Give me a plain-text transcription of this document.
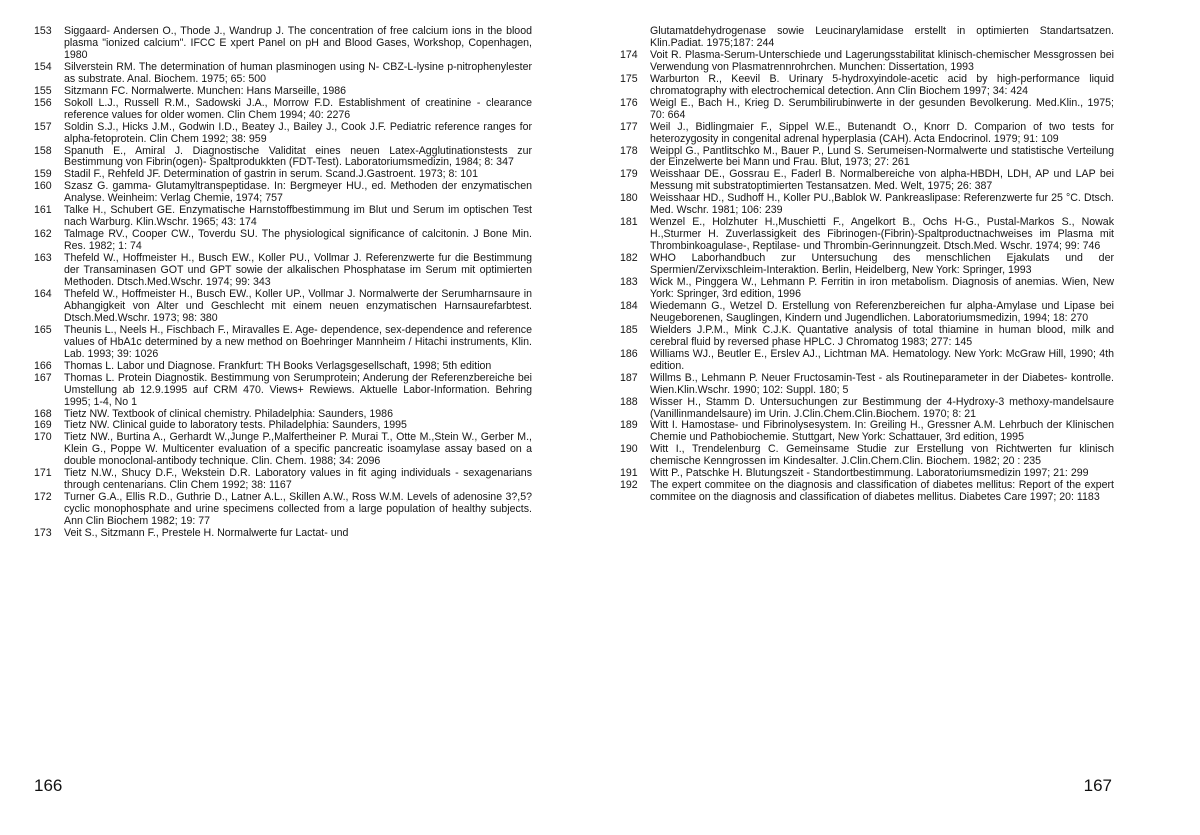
153	Siggaard- Andersen O., Thode J., Wandrup J. The concentration of free calcium ions in the blood plasma "ionized calcium". IFCC E xpert Panel on pH and Blood Gases, Workshop, Copenhagen, 1980
154	Silverstein RM. The determination of human plasminogen using N- CBZ-L-lysine p-nitrophenylester as substrate. Anal. Biochem. 1975; 65: 500
155	Sitzmann FC. Normalwerte. Munchen: Hans Marseille, 1986
156	Sokoll L.J., Russell R.M., Sadowski J.A., Morrow F.D. Establishment of creatinine - clearance reference values for older women. Clin Chem 1994; 40: 2276
157	Soldin S.J., Hicks J.M., Godwin I.D., Beatey J., Bailey J., Cook J.F. Pediatric reference ranges for alpha-fetoprotein. Clin Chem 1992; 38: 959
158	Spanuth E., Amiral J. Diagnostische Validitat eines neuen Latex-Agglutinationstests zur Bestimmung von Fibrin(ogen)- Spaltprodukkten (FDT-Test). Laboratoriumsmedizin, 1984; 8: 347
159	Stadil F., Rehfeld JF. Determination of gastrin in serum. Scand.J.Gastroent. 1973; 8: 101
160	Szasz G. gamma- Glutamyltranspeptidase. In: Bergmeyer HU., ed. Methoden der enzymatischen Analyse. Weinheim: Verlag Chemie, 1974; 757
161	Talke H., Schubert GE. Enzymatische Harnstoffbestimmung im Blut und Serum im optischen Test nach Warburg. Klin.Wschr. 1965; 43: 174
162	Talmage RV., Cooper CW., Toverdu SU. The physiological significance of calcitonin. J Bone Min. Res. 1982; 1: 74
163	Thefeld W., Hoffmeister H., Busch EW., Koller PU., Vollmar J. Referenzwerte fur die Bestimmung der Transaminasen GOT und GPT sowie der alkalischen Phosphatase im Serum mit optimierten Methoden. Dtsch.Med.Wschr. 1974; 99: 343
164	Thefeld W., Hoffmeister H., Busch EW., Koller UP., Vollmar J. Normalwerte der Serumharnsaure in Abhangigkeit von Alter und Geschlecht mit einem neuen enzymatischen Harnsaurefarbtest. Dtsch.Med.Wschr. 1973; 98: 380
165	Theunis L., Neels H., Fischbach F., Miravalles E. Age- dependence, sex-dependence and reference values of HbA1c determined by a new method on Boehringer Mannheim / Hitachi instruments, Klin. Lab. 1993; 39: 1026
166	Thomas L. Labor und Diagnose. Frankfurt: TH Books Verlagsgesellschaft, 1998; 5th edition
167	Thomas L. Protein Diagnostik. Bestimmung von Serumprotein; Anderung der Referenzbereiche bei Umstellung ab 12.9.1995 auf CRM 470. Views+ Rewiews. Aktuelle Labor-Information. Behring 1995; 1-4, No 1
168	Tietz NW. Textbook of clinical chemistry. Philadelphia: Saunders, 1986
169	Tietz NW. Clinical guide to laboratory tests. Philadelphia: Saunders, 1995
170	Tietz NW., Burtina A., Gerhardt W.,Junge P.,Malfertheiner P. Murai T., Otte M.,Stein W., Gerber M., Klein G., Poppe W. Multicenter evaluation of a specific pancreatic isoamylase assay based on a double monoclonal-antibody technique. Clin. Chem. 1988; 34: 2096
171	Tietz N.W., Shucy D.F., Wekstein D.R. Laboratory values in fit aging individuals - sexagenarians through centenarians. Clin Chem 1992; 38: 1167
172	Turner G.A., Ellis R.D., Guthrie D., Latner A.L., Skillen A.W., Ross W.M. Levels of adenosine 3?,5? cyclic monophosphate and urine specimens collected from a large population of healthy subjects. Ann Clin Biochem 1982; 19: 77
173	Veit S., Sitzmann F., Prestele H. Normalwerte fur Lactat- und
166
Glutamatdehydrogenase sowie Leucinarylamidase erstellt in optimierten Standartsatzen. Klin.Padiat. 1975;187: 244
174	Voit R. Plasma-Serum-Unterschiede und Lagerungsstabilitat klinisch-chemischer Messgrossen bei Verwendung von Plasmatrennrohrchen. Munchen: Dissertation, 1993
175	Warburton R., Keevil B. Urinary 5-hydroxyindole-acetic acid by high-performance liquid chromatography with electrochemical detection. Ann Clin Biochem 1997; 34: 424
176	Weigl E., Bach H., Krieg D. Serumbilirubinwerte in der gesunden Bevolkerung. Med.Klin., 1975; 70: 664
177	Weil J., Bidlingmaier F., Sippel W.E., Butenandt O., Knorr D. Comparion of two tests for heterozygosity in congenital adrenal hyperplasia (CAH). Acta Endocrinol. 1979; 91: 109
178	Weippl G., Pantlitschko M., Bauer P., Lund S. Serumeisen-Normalwerte und statistische Verteilung der Einzelwerte bei Mann und Frau. Blut, 1973; 27: 261
179	Weisshaar DE., Gossrau E., Faderl B. Normalbereiche von alpha-HBDH, LDH, AP und LAP bei Messung mit substratoptimierten Testansatzen. Med. Welt, 1975; 26: 387
180	Weisshaar HD., Sudhoff H., Koller PU.,Bablok W. Pankreaslipase: Referenzwerte fur 25 °C. Dtsch. Med. Wschr. 1981; 106: 239
181	Wenzel E., Holzhuter H.,Muschietti F., Angelkort B., Ochs H-G., Pustal-Markos S., Nowak H.,Sturmer H. Zuverlassigkeit des Fibrinogen-(Fibrin)-Spaltproductnachweises im Plasma mit Thrombinkoagulase-, Reptilase- und Thrombin-Gerinnungzeit. Dtsch.Med. Wschr. 1974; 99: 746
182	WHO Laborhandbuch zur Untersuchung des menschlichen Ejakulats und der Spermien/Zervixschleim-Interaktion. Berlin, Heidelberg, New York: Springer, 1993
183	Wick M., Pinggera W., Lehmann P. Ferritin in iron metabolism. Diagnosis of anemias. Wien, New York: Springer, 3rd edition, 1996
184	Wiedemann G., Wetzel D. Erstellung von Referenzbereichen fur alpha-Amylase und Lipase bei Neugeborenen, Sauglingen, Kindern und Jugendlichen. Laboratoriumsmedizin, 1994; 18: 270
185	Wielders J.P.M., Mink C.J.K. Quantative analysis of total thiamine in human blood, milk and cerebral fluid by reversed phase HPLC. J Chromatog 1983; 277: 145
186	Williams WJ., Beutler E., Erslev AJ., Lichtman MA. Hematology. New York: McGraw Hill, 1990; 4th edition.
187	Willms B., Lehmann P. Neuer Fructosamin-Test - als Routineparameter in der Diabetes- kontrolle. Wien.Klin.Wschr. 1990; 102: Suppl. 180; 5
188	Wisser H., Stamm D. Untersuchungen zur Bestimmung der 4-Hydroxy-3 methoxy-mandelsaure (Vanillinmandelsaure) im Urin. J.Clin.Chem.Clin.Biochem. 1970; 8: 21
189	Witt I. Hamostase- und Fibrinolysesystem. In: Greiling H., Gressner A.M. Lehrbuch der Klinischen Chemie und Pathobiochemie. Stuttgart, New York: Schattauer, 3rd edition, 1995
190	Witt I., Trendelenburg C. Gemeinsame Studie zur Erstellung von Richtwerten fur klinisch chemische Kenngrossen im Kindesalter. J.Clin.Chem.Clin. Biochem. 1982; 20 : 235
191	Witt P., Patschke H. Blutungszeit - Standortbestimmung. Laboratoriumsmedizin 1997; 21: 299
192	The expert commitee on the diagnosis and classification of diabetes mellitus: Report of the expert commitee on the diagnosis and classification of diabetes mellitus. Diabetes Care 1997; 20: 1183
167
